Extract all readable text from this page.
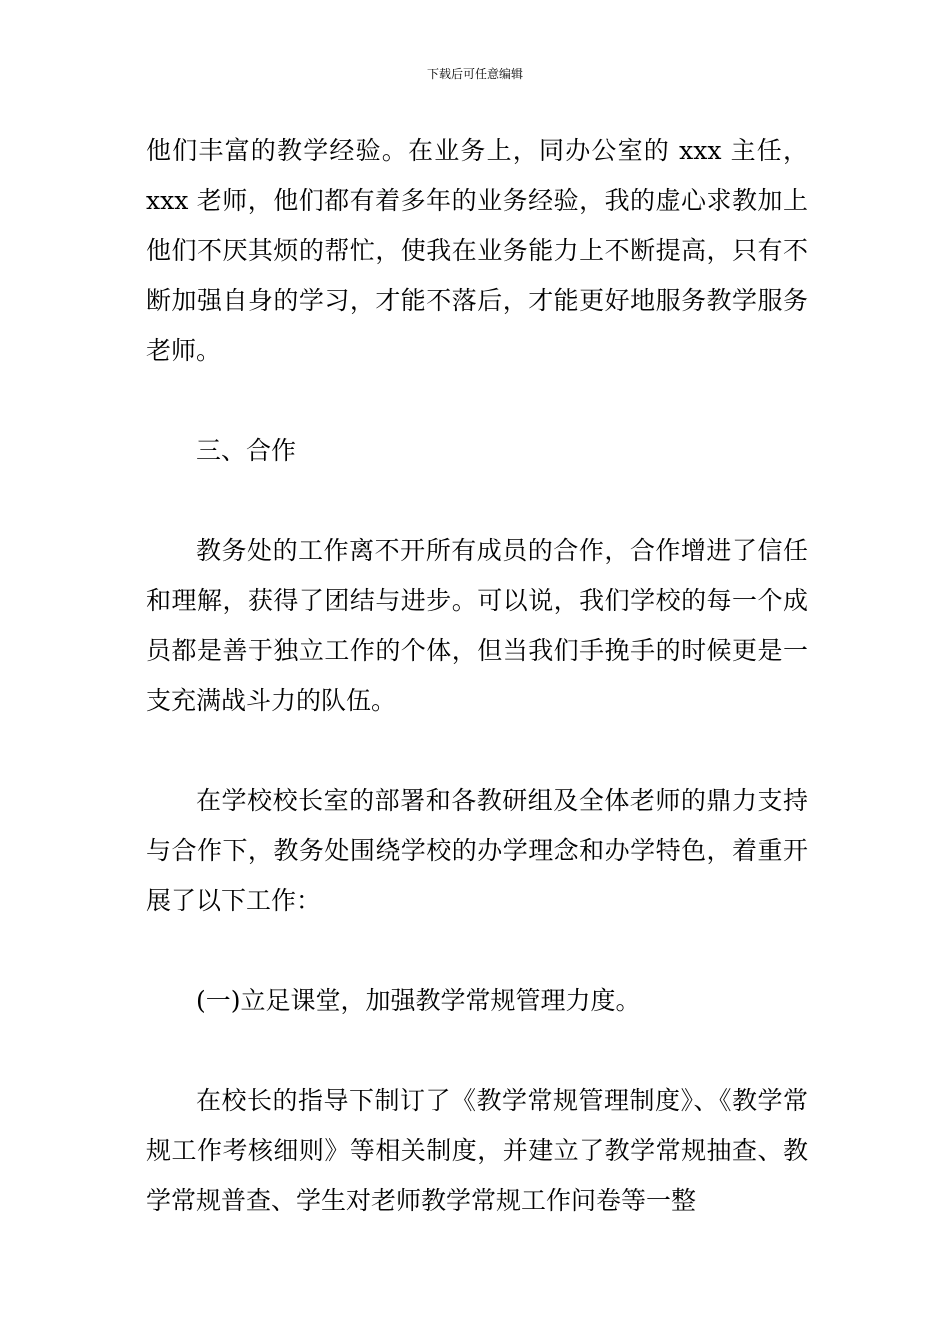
下载后可任意编辑

他们丰富的教学经验。在业务上，同办公室的 xxx 主任，xxx 老师，他们都有着多年的业务经验，我的虚心求教加上他们不厌其烦的帮忙，使我在业务能力上不断提高，只有不断加强自身的学习，才能不落后，才能更好地服务教学服务老师。

三、合作

教务处的工作离不开所有成员的合作，合作增进了信任和理解，获得了团结与进步。可以说，我们学校的每一个成员都是善于独立工作的个体，但当我们手挽手的时候更是一支充满战斗力的队伍。

在学校校长室的部署和各教研组及全体老师的鼎力支持与合作下，教务处围绕学校的办学理念和办学特色，着重开展了以下工作：

(一)立足课堂，加强教学常规管理力度。

在校长的指导下制订了《教学常规管理制度》、《教学常规工作考核细则》等相关制度，并建立了教学常规抽查、教学常规普查、学生对老师教学常规工作问卷等一整
